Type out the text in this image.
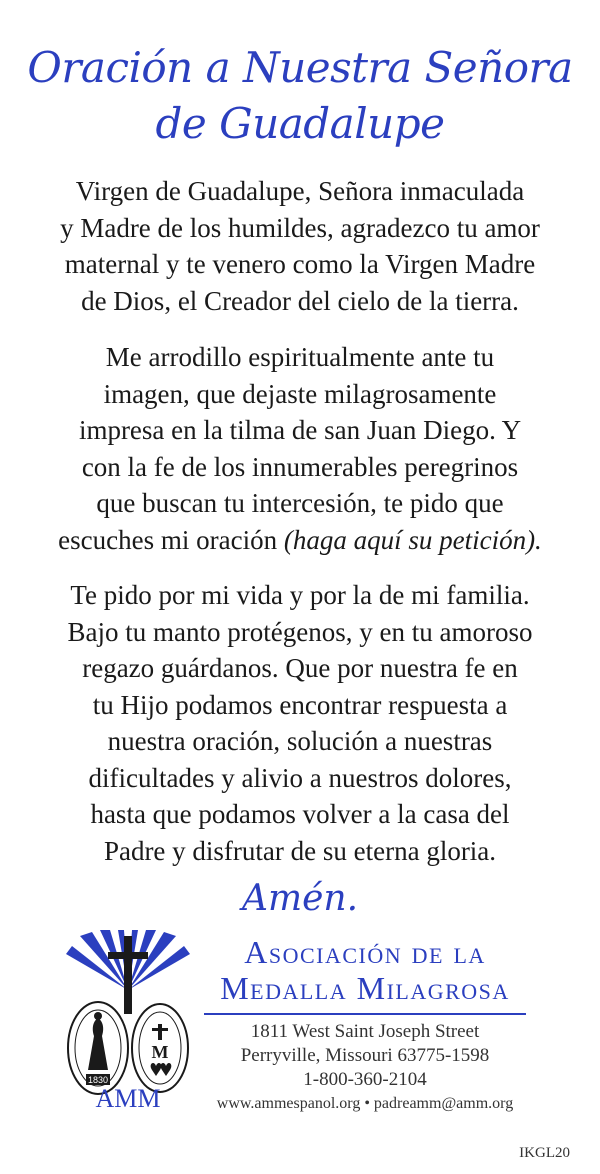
Oración a Nuestra Señora
de Guadalupe
Virgen de Guadalupe, Señora inmaculada
y Madre de los humildes, agradezco tu amor
maternal y te venero como la Virgen Madre
de Dios, el Creador del cielo de la tierra.
Me arrodillo espiritualmente ante tu
imagen, que dejaste milagrosamente
impresa en la tilma de san Juan Diego. Y
con la fe de los innumerables peregrinos
que buscan tu intercesión, te pido que
escuches mi oración (haga aquí su petición).
Te pido por mi vida y por la de mi familia.
Bajo tu manto protégenos, y en tu amoroso
regazo guárdanos. Que por nuestra fe en
tu Hijo podamos encontrar respuesta a
nuestra oración, solución a nuestras
dificultades y alivio a nuestros dolores,
hasta que podamos volver a la casa del
Padre y disfrutar de su eterna gloria.
Amén.
1830
M
AMM
Asociación de la
Medalla Milagrosa
1811 West Saint Joseph Street
Perryville, Missouri 63775-1598
1-800-360-2104
www.ammespanol.org • padreamm@amm.org
IKGL20
